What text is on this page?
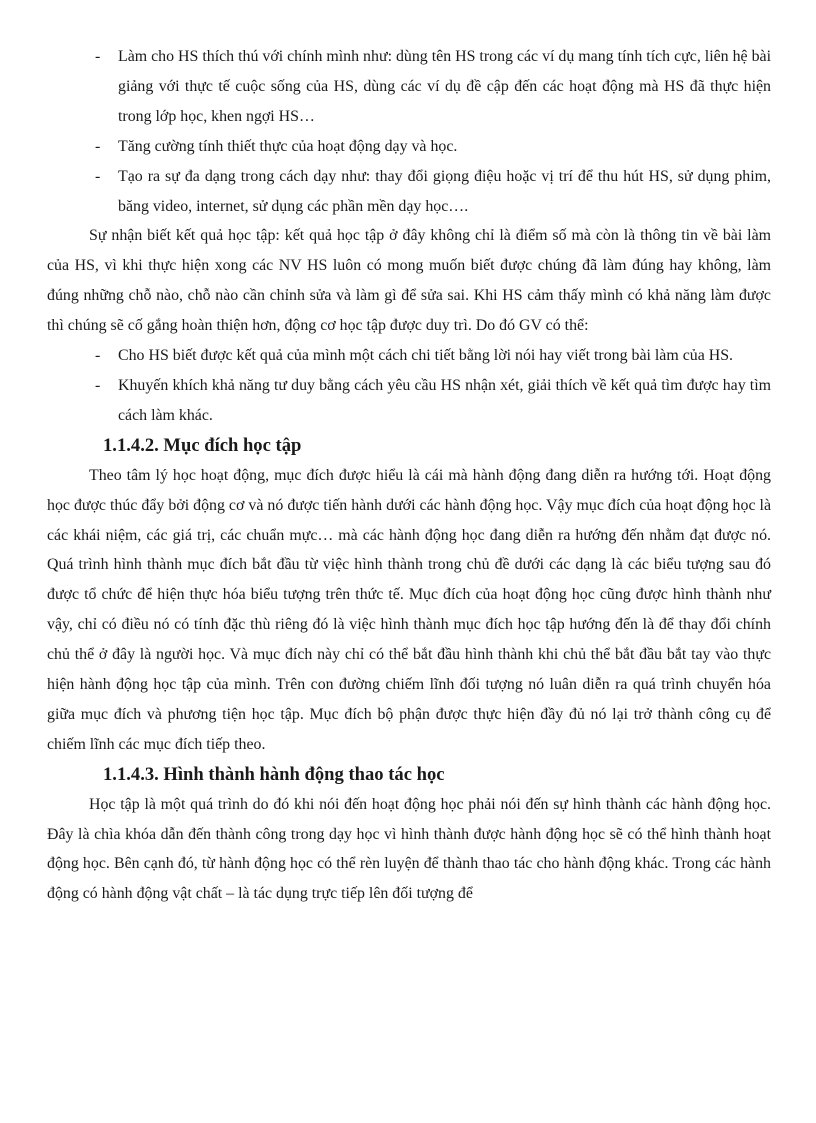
- Làm cho HS thích thú với chính mình như: dùng tên HS trong các ví dụ mang tính tích cực, liên hệ bài giảng với thực tế cuộc sống của HS, dùng các ví dụ đề cập đến các hoạt động mà HS đã thực hiện trong lớp học, khen ngợi HS…
- Tăng cường tính thiết thực của hoạt động dạy và học.
- Tạo ra sự đa dạng trong cách dạy như: thay đổi giọng điệu hoặc vị trí để thu hút HS, sử dụng phim, băng video, internet, sử dụng các phần mền dạy học….

Sự nhận biết kết quả học tập: kết quả học tập ở đây không chỉ là điểm số mà còn là thông tin về bài làm của HS, vì khi thực hiện xong các NV HS luôn có mong muốn biết được chúng đã làm đúng hay không, làm đúng những chỗ nào, chỗ nào cần chỉnh sửa và làm gì để sửa sai. Khi HS cảm thấy mình có khả năng làm được thì chúng sẽ cố gắng hoàn thiện hơn, động cơ học tập được duy trì. Do đó GV có thể:

- Cho HS biết được kết quả của mình một cách chi tiết bằng lời nói hay viết trong bài làm của HS.
- Khuyến khích khả năng tư duy bằng cách yêu cầu HS nhận xét, giải thích về kết quả tìm được hay tìm cách làm khác.
1.1.4.2. Mục đích học tập

Theo tâm lý học hoạt động, mục đích được hiểu là cái mà hành động đang diễn ra hướng tới. Hoạt động học được thúc đẩy bởi động cơ và nó được tiến hành dưới các hành động học. Vậy mục đích của hoạt động học là các khái niệm, các giá trị, các chuẩn mực… mà các hành động học đang diễn ra hướng đến nhằm đạt được nó. Quá trình hình thành mục đích bắt đầu từ việc hình thành trong chủ đề dưới các dạng là các biểu tượng sau đó được tổ chức để hiện thực hóa biểu tượng trên thức tế. Mục đích của hoạt động học cũng được hình thành như vậy, chỉ có điều nó có tính đặc thù riêng đó là việc hình thành mục đích học tập hướng đến là để thay đổi chính chủ thể ở đây là người học. Và mục đích này chỉ có thể bắt đầu hình thành khi chủ thể bắt đầu bắt tay vào thực hiện hành động học tập của mình. Trên con đường chiếm lĩnh đối tượng nó luân diễn ra quá trình chuyển hóa giữa mục đích và phương tiện học tập. Mục đích bộ phận được thực hiện đầy đủ nó lại trở thành công cụ để chiếm lĩnh các mục đích tiếp theo.

1.1.4.3. Hình thành hành động thao tác học

Học tập là một quá trình do đó khi nói đến hoạt động học phải nói đến sự hình thành các hành động học. Đây là chìa khóa dẫn đến thành công trong dạy học vì hình thành được hành động học sẽ có thể hình thành hoạt động học. Bên cạnh đó, từ hành động học có thể rèn luyện để thành thao tác cho hành động khác. Trong các hành động có hành động vật chất – là tác dụng trực tiếp lên đối tượng để
